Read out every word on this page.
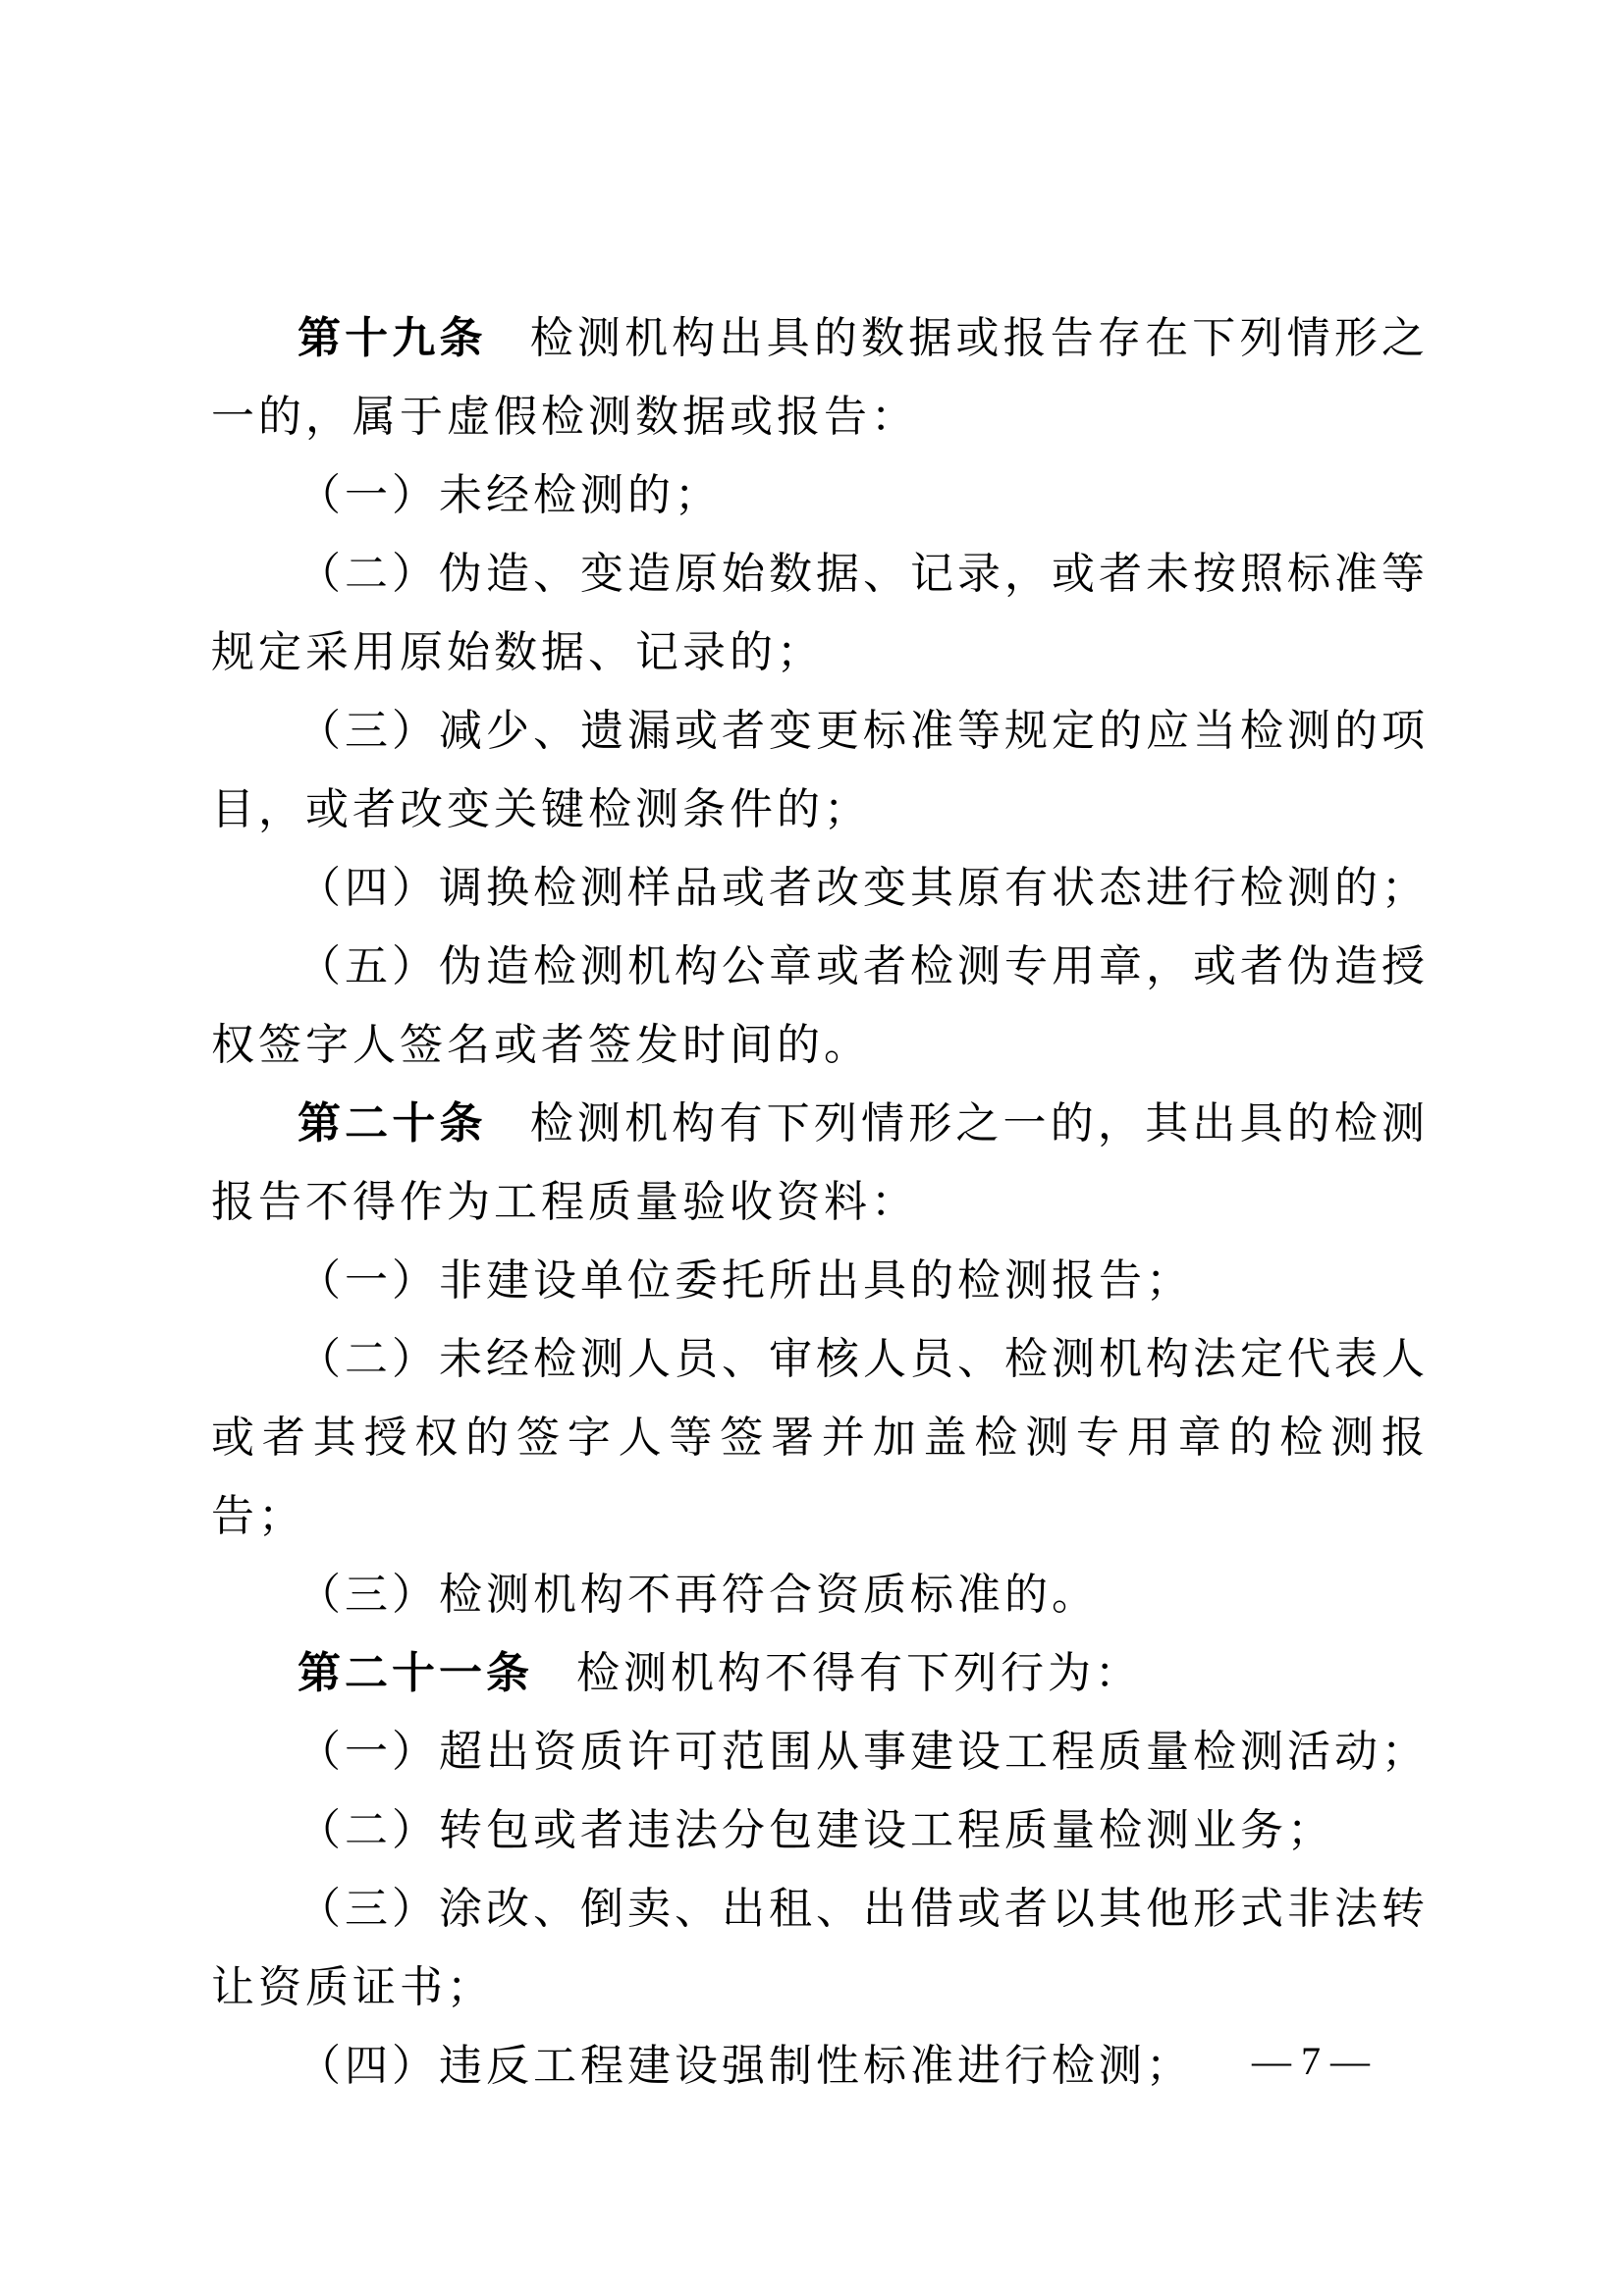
第十九条 检测机构出具的数据或报告存在下列情形之一的，属于虚假检测数据或报告：

（一）未经检测的；

（二）伪造、变造原始数据、记录，或者未按照标准等规定采用原始数据、记录的；

（三）减少、遗漏或者变更标准等规定的应当检测的项目，或者改变关键检测条件的；

（四）调换检测样品或者改变其原有状态进行检测的；

（五）伪造检测机构公章或者检测专用章，或者伪造授权签字人签名或者签发时间的。

第二十条 检测机构有下列情形之一的，其出具的检测报告不得作为工程质量验收资料：

（一）非建设单位委托所出具的检测报告；

（二）未经检测人员、审核人员、检测机构法定代表人或者其授权的签字人等签署并加盖检测专用章的检测报告；

（三）检测机构不再符合资质标准的。

第二十一条 检测机构不得有下列行为：

（一）超出资质许可范围从事建设工程质量检测活动；

（二）转包或者违法分包建设工程质量检测业务；

（三）涂改、倒卖、出租、出借或者以其他形式非法转让资质证书；

（四）违反工程建设强制性标准进行检测；	— 7 —
